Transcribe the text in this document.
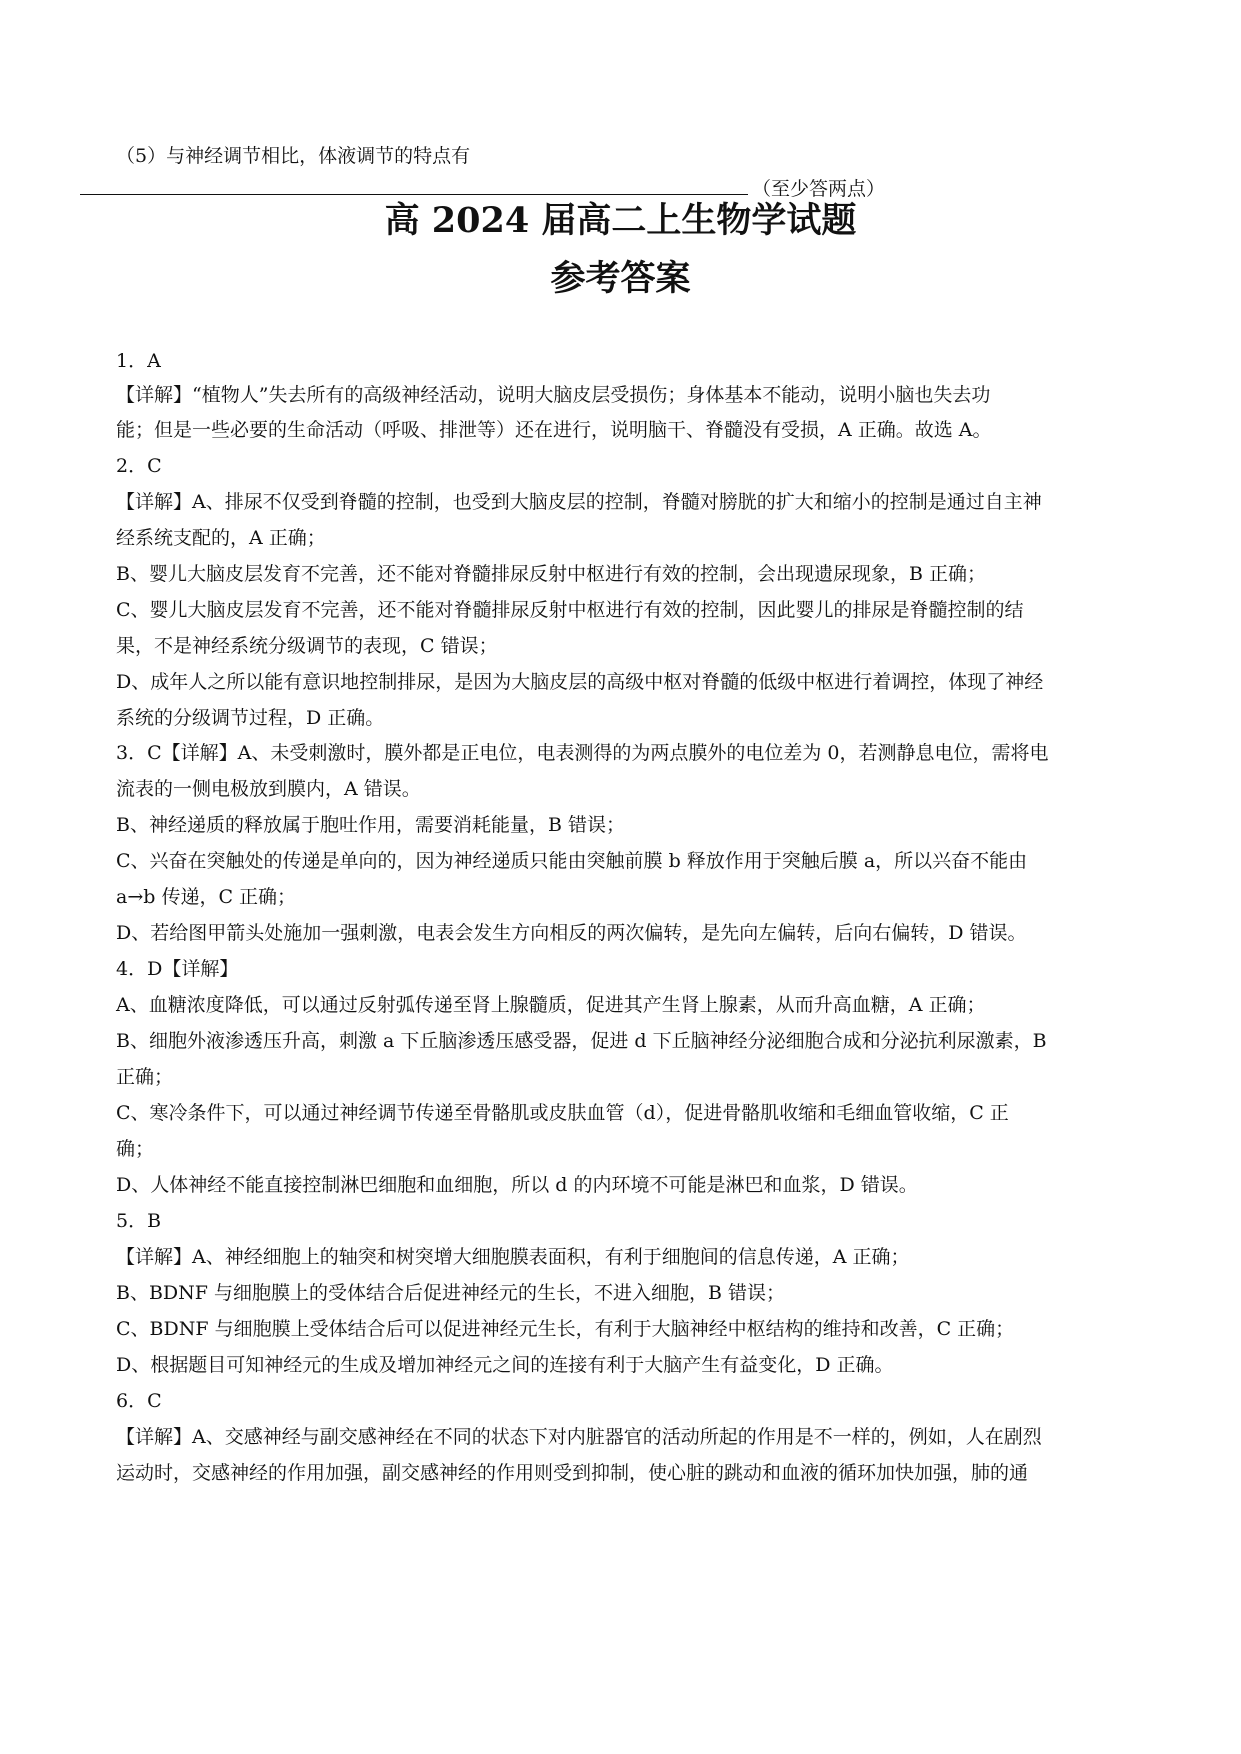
（5）与神经调节相比，体液调节的特点有
（至少答两点）
高 2024 届高二上生物学试题
参考答案
1．A
【详解】“植物人”失去所有的高级神经活动，说明大脑皮层受损伤；身体基本不能动，说明小脑也失去功
能；但是一些必要的生命活动（呼吸、排泄等）还在进行，说明脑干、脊髓没有受损，A 正确。故选 A。
2．C
【详解】A、排尿不仅受到脊髓的控制，也受到大脑皮层的控制，脊髓对膀胱的扩大和缩小的控制是通过自主神
经系统支配的，A 正确；
B、婴儿大脑皮层发育不完善，还不能对脊髓排尿反射中枢进行有效的控制，会出现遗尿现象，B 正确；
C、婴儿大脑皮层发育不完善，还不能对脊髓排尿反射中枢进行有效的控制，因此婴儿的排尿是脊髓控制的结
果，不是神经系统分级调节的表现，C 错误；
D、成年人之所以能有意识地控制排尿，是因为大脑皮层的高级中枢对脊髓的低级中枢进行着调控，体现了神经
系统的分级调节过程，D 正确。
3．C【详解】A、未受刺激时，膜外都是正电位，电表测得的为两点膜外的电位差为 0，若测静息电位，需将电
流表的一侧电极放到膜内，A 错误。
B、神经递质的释放属于胞吐作用，需要消耗能量，B 错误；
C、兴奋在突触处的传递是单向的，因为神经递质只能由突触前膜 b 释放作用于突触后膜 a，所以兴奋不能由
a→b 传递，C 正确；
D、若给图甲箭头处施加一强刺激，电表会发生方向相反的两次偏转，是先向左偏转，后向右偏转，D 错误。
4．D【详解】
A、血糖浓度降低，可以通过反射弧传递至肾上腺髓质，促进其产生肾上腺素，从而升高血糖，A 正确；
B、细胞外液渗透压升高，刺激 a 下丘脑渗透压感受器，促进 d 下丘脑神经分泌细胞合成和分泌抗利尿激素，B
正确；
C、寒冷条件下，可以通过神经调节传递至骨骼肌或皮肤血管（d），促进骨骼肌收缩和毛细血管收缩，C 正
确；
D、人体神经不能直接控制淋巴细胞和血细胞，所以 d 的内环境不可能是淋巴和血浆，D 错误。
5．B
【详解】A、神经细胞上的轴突和树突增大细胞膜表面积，有利于细胞间的信息传递，A 正确；
B、BDNF 与细胞膜上的受体结合后促进神经元的生长，不进入细胞，B 错误；
C、BDNF 与细胞膜上受体结合后可以促进神经元生长，有利于大脑神经中枢结构的维持和改善，C 正确；
D、根据题目可知神经元的生成及增加神经元之间的连接有利于大脑产生有益变化，D 正确。
6．C
【详解】A、交感神经与副交感神经在不同的状态下对内脏器官的活动所起的作用是不一样的，例如，人在剧烈
运动时，交感神经的作用加强，副交感神经的作用则受到抑制，使心脏的跳动和血液的循环加快加强，肺的通
